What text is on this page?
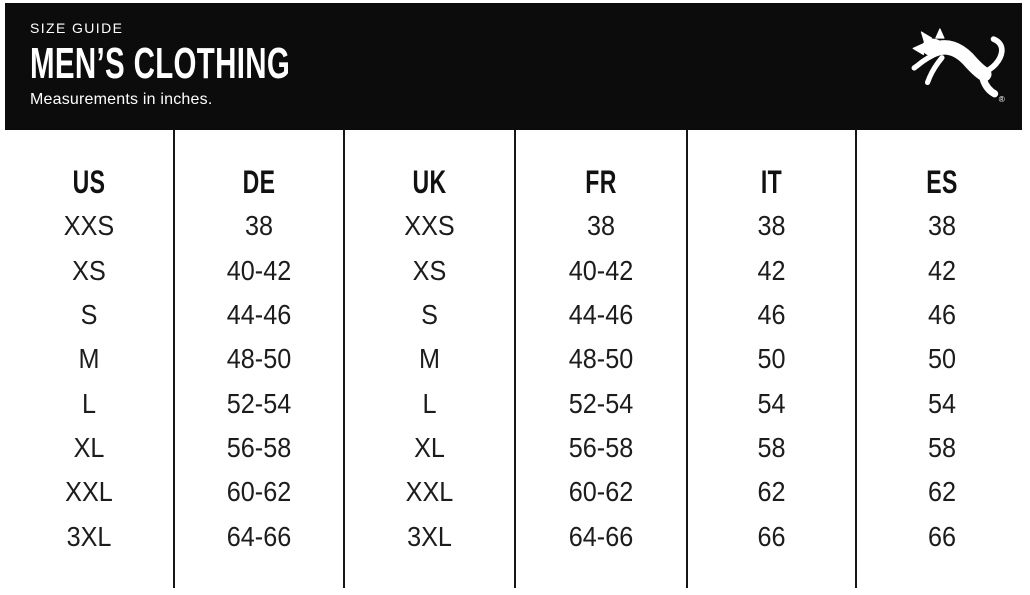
SIZE GUIDE
MEN’S CLOTHING
Measurements in inches.	®
US
XXS
XS
S
M
L
XL
XXL
3XL
DE
38
40-42
44-46
48-50
52-54
56-58
60-62
64-66
UK
XXS
XS
S
M
L
XL
XXL
3XL
FR
38
40-42
44-46
48-50
52-54
56-58
60-62
64-66
IT
38
42
46
50
54
58
62
66
ES
38
42
46
50
54
58
62
66
